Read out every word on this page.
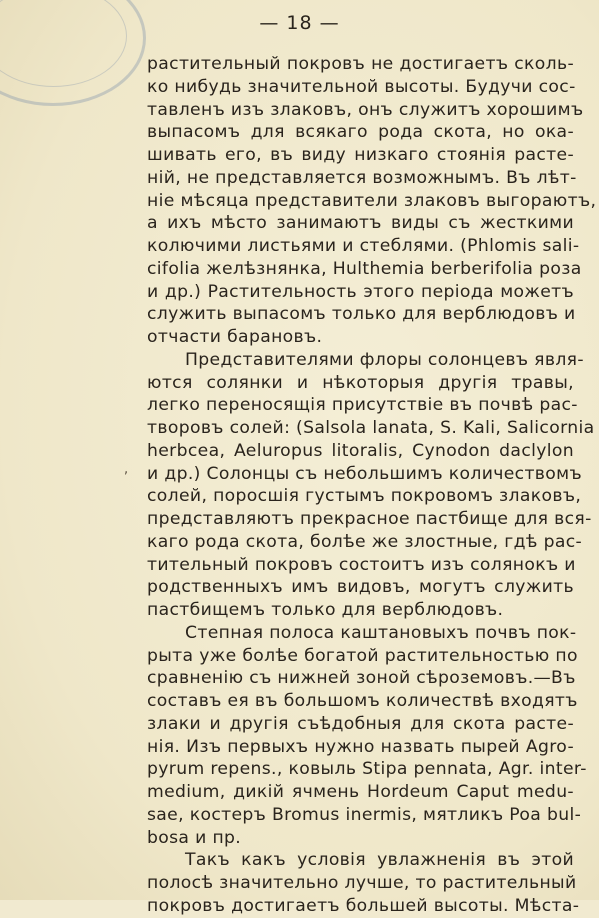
— 18 —
,
растительный покровъ не достигаетъ сколь-
ко нибудь значительной высоты. Будучи сос-
тавленъ изъ злаковъ, онъ служитъ хорошимъ
выпасомъ для всякаго рода скота, но ока-
шивать его, въ виду низкаго стоянія расте-
ній, не представляется возможнымъ. Въ лѣт-
ніе мѣсяца представители злаковъ выгораютъ,
а ихъ мѣсто занимаютъ виды съ жесткими
колючими листьями и стеблями. (Phlomis sali-
cifolia желѣзнянка, Hulthemia berberifolia роза
и др.) Растительность этого періода можетъ
служить выпасомъ только для верблюдовъ и
отчасти барановъ.
Представителями флоры солонцевъ явля-
ются солянки и нѣкоторыя другія травы,
легко переносящія присутствіе въ почвѣ рас-
творовъ солей: (Salsola lanata, S. Kali, Salicornia
herbcea, Aeluropus litoralis, Cynodon daclylon
и др.) Солонцы съ небольшимъ количествомъ
солей, поросшія густымъ покровомъ злаковъ,
представляютъ прекрасное пастбище для вся-
каго рода скота, болѣе же злостные, гдѣ рас-
тительный покровъ состоитъ изъ солянокъ и
родственныхъ имъ видовъ, могутъ служить
пастбищемъ только для верблюдовъ.
Степная полоса каштановыхъ почвъ пок-
рыта уже болѣе богатой растительностью по
сравненію съ нижней зоной сѣроземовъ.—Въ
составъ ея въ большомъ количествѣ входятъ
злаки и другія съѣдобныя для скота расте-
нія. Изъ первыхъ нужно назвать пырей Agro-
pyrum repens., ковыль Stipa pennata, Agr. inter-
medium, дикій ячмень Hordeum Caput medu-
sae, костеръ Bromus inermis, мятликъ Poa bul-
bosa и пр.
Такъ какъ условія увлажненія въ этой
полосѣ значительно лучше, то растительный
покровъ достигаетъ большей высоты. Мѣста-
